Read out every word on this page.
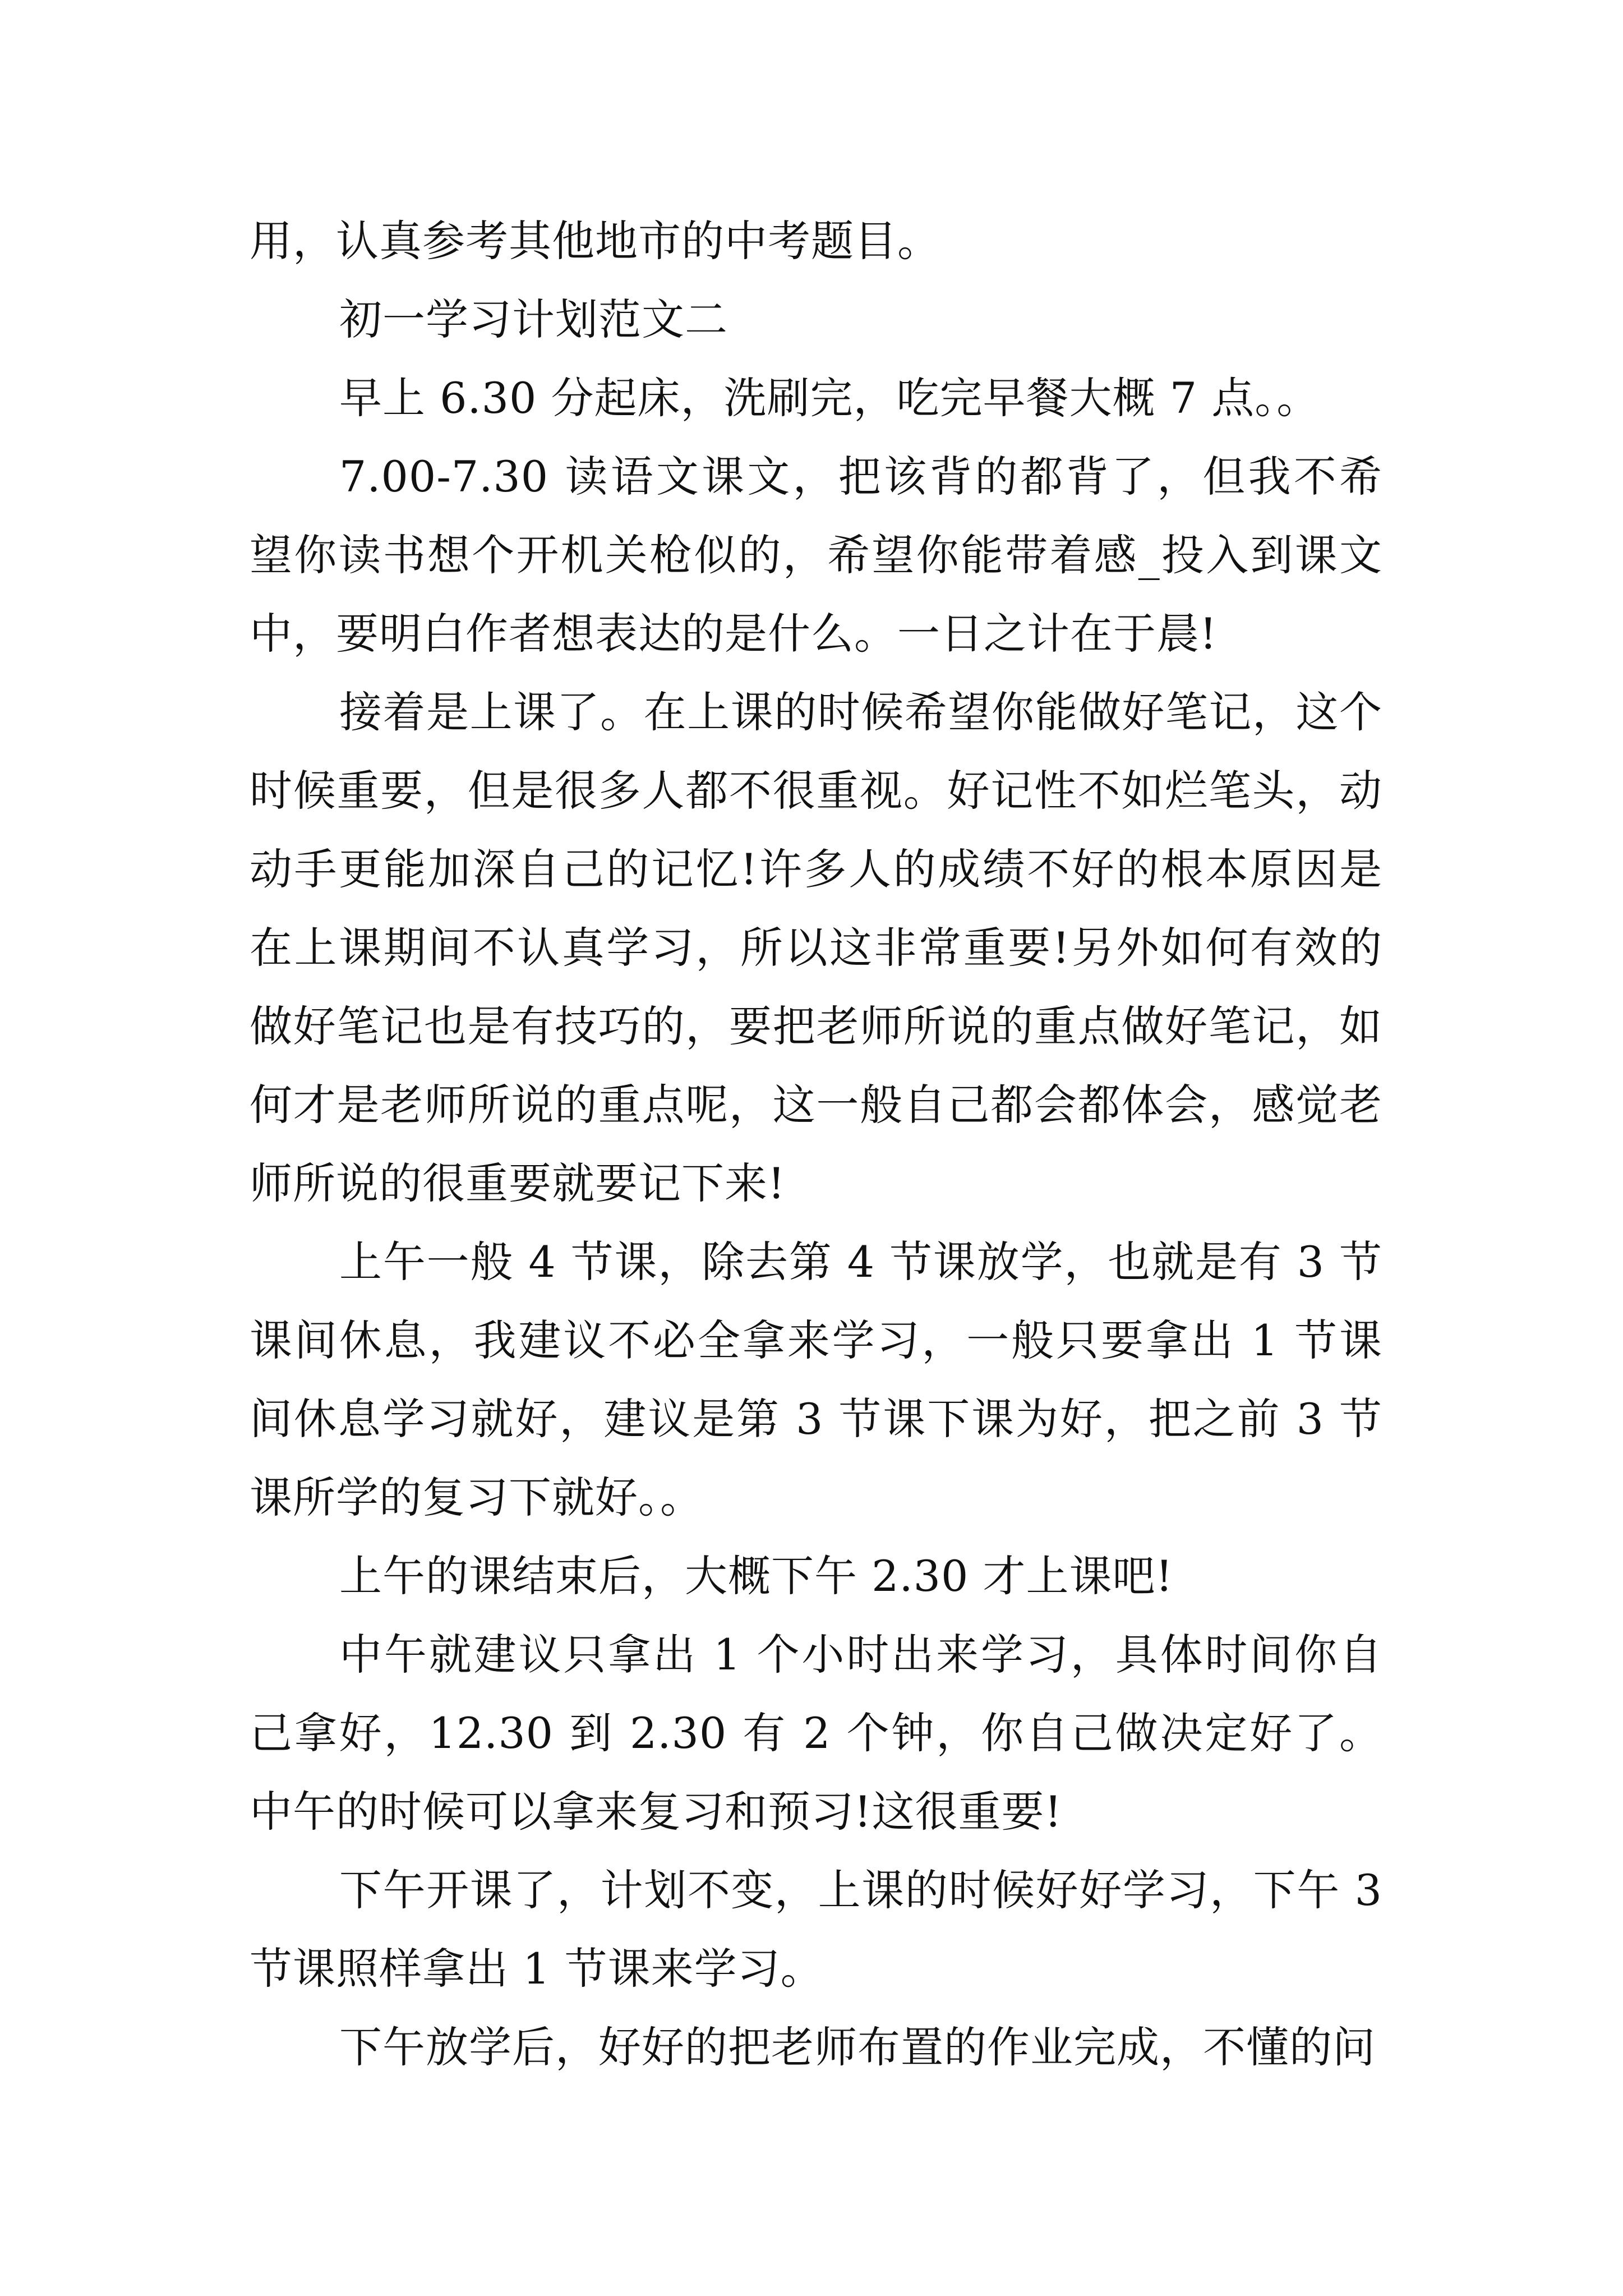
用，认真参考其他地市的中考题目。

初一学习计划范文二

早上 6.30 分起床，洗刷完，吃完早餐大概 7 点。。

7.00-7.30 读语文课文，把该背的都背了，但我不希望你读书想个开机关枪似的，希望你能带着感_投入到课文中，要明白作者想表达的是什么。一日之计在于晨!

接着是上课了。在上课的时候希望你能做好笔记，这个时候重要，但是很多人都不很重视。好记性不如烂笔头，动动手更能加深自己的记忆!许多人的成绩不好的根本原因是在上课期间不认真学习，所以这非常重要!另外如何有效的做好笔记也是有技巧的，要把老师所说的重点做好笔记，如何才是老师所说的重点呢，这一般自己都会都体会，感觉老师所说的很重要就要记下来!

上午一般 4 节课，除去第 4 节课放学，也就是有 3 节课间休息，我建议不必全拿来学习，一般只要拿出 1 节课间休息学习就好，建议是第 3 节课下课为好，把之前 3 节课所学的复习下就好。。

上午的课结束后，大概下午 2.30 才上课吧!

中午就建议只拿出 1 个小时出来学习，具体时间你自己拿好，12.30 到 2.30 有 2 个钟，你自己做决定好了。中午的时候可以拿来复习和预习!这很重要!

下午开课了，计划不变，上课的时候好好学习，下午 3 节课照样拿出 1 节课来学习。

下午放学后，好好的把老师布置的作业完成，不懂的问
